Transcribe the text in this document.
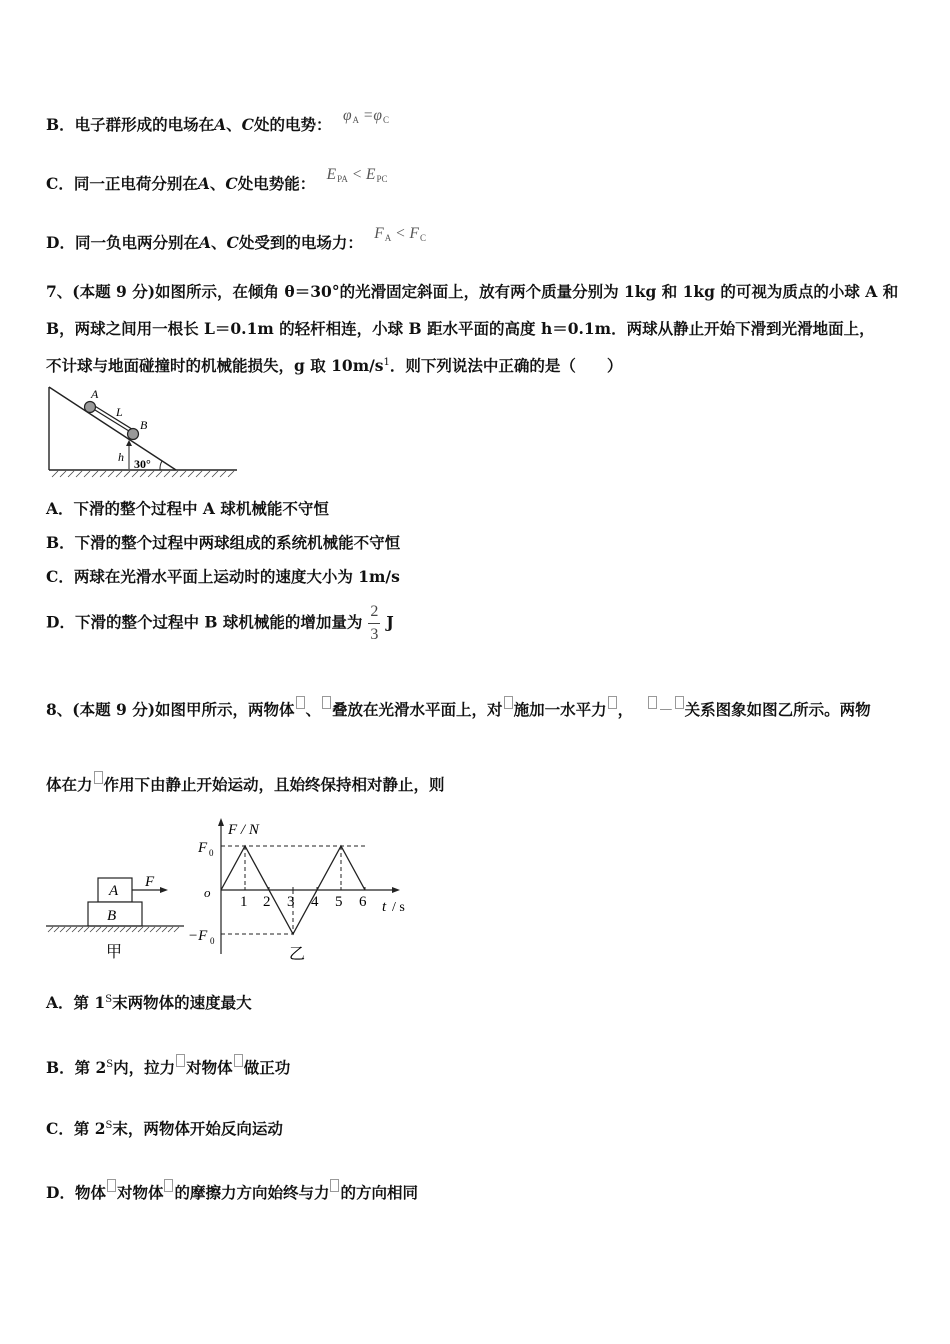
B．电子群形成的电场在A、C处的电势： $\varphi_A =\varphi_C$
C．同一正电荷分别在A、C处电势能： $E_{PA} < E_{PC}$
D．同一负电两分别在A、C处受到的电场力： $F_A < F_C$
7、(本题 9 分)如图所示，在倾角 θ＝30°的光滑固定斜面上，放有两个质量分别为 1kg 和 1kg 的可视为质点的小球 A 和
B，两球之间用一根长 L＝0.1m 的轻杆相连，小球 B 距水平面的高度 h＝0.1m．两球从静止开始下滑到光滑地面上，
不计球与地面碰撞时的机械能损失，g 取 $10m/s^1$．则下列说法中正确的是（　　）
A
L
B
h 30°
A．下滑的整个过程中 A 球机械能不守恒
B．下滑的整个过程中两球组成的系统机械能不守恒
C．两球在光滑水平面上运动时的速度大小为 1m/s
D．下滑的整个过程中 B 球机械能的增加量为 $\frac{2}{3}$ J
8、(本题 9 分)如图甲所示，两物体 、 叠放在光滑水平面上，对 施加一水平力 ， － 关系图象如图乙所示。两物
体在力 作用下由静止开始运动，且始终保持相对静止，则
A
B
F
甲
F / N
F 0
o
−F 0
1 2 3 4 5 6 t / s
乙
A．第 $1^S$末两物体的速度最大
B．第 $2^S$内，拉力 对物体 做正功
C．第 $2^S$末，两物体开始反向运动
D．物体 对物体 的摩擦力方向始终与力 的方向相同
